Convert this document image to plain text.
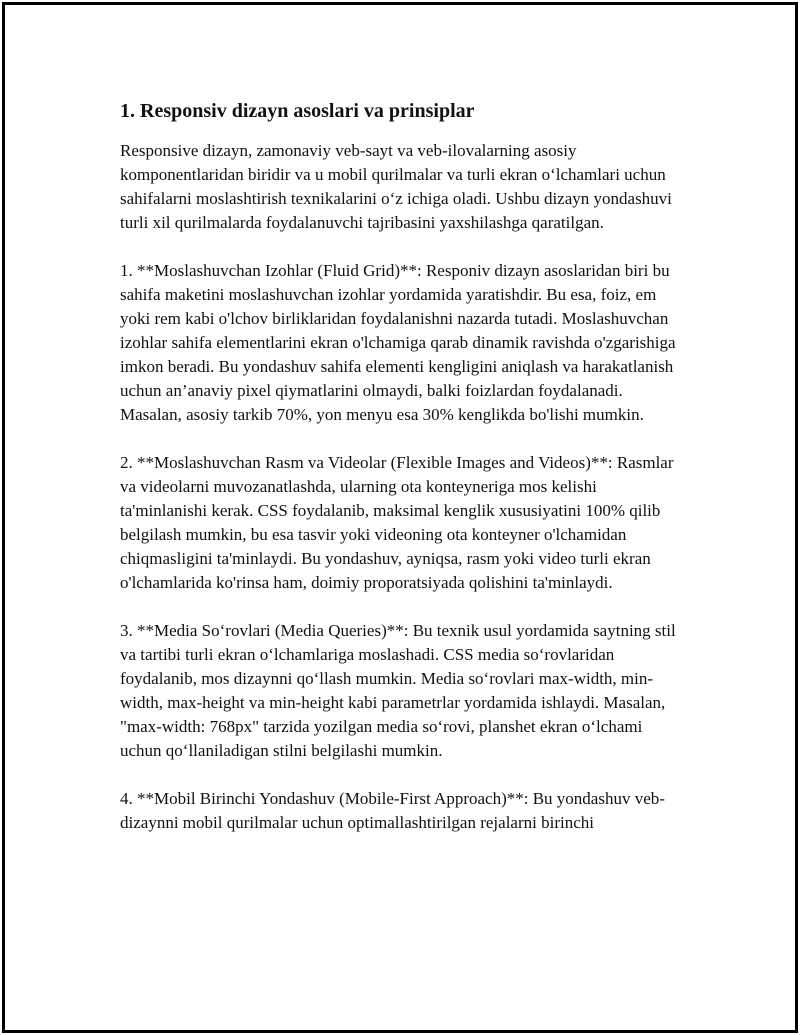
1. Responsiv dizayn asoslari va prinsiplar

Responsive dizayn, zamonaviy veb-sayt va veb-ilovalarning asosiy komponentlaridan biridir va u mobil qurilmalar va turli ekran o‘lchamlari uchun sahifalarni moslashtirish texnikalarini o‘z ichiga oladi. Ushbu dizayn yondashuvi turli xil qurilmalarda foydalanuvchi tajribasini yaxshilashga qaratilgan.

1. **Moslashuvchan Izohlar (Fluid Grid)**: Responiv dizayn asoslaridan biri bu sahifa maketini moslashuvchan izohlar yordamida yaratishdir. Bu esa, foiz, em yoki rem kabi o'lchov birliklaridan foydalanishni nazarda tutadi. Moslashuvchan izohlar sahifa elementlarini ekran o'lchamiga qarab dinamik ravishda o'zgarishiga imkon beradi. Bu yondashuv sahifa elementi kengligini aniqlash va harakatlanish uchun an’anaviy pixel qiymatlarini olmaydi, balki foizlardan foydalanadi. Masalan, asosiy tarkib 70%, yon menyu esa 30% kenglikda bo'lishi mumkin.

2. **Moslashuvchan Rasm va Videolar (Flexible Images and Videos)**: Rasmlar va videolarni muvozanatlashda, ularning ota konteyneriga mos kelishi ta'minlanishi kerak. CSS foydalanib, maksimal kenglik xususiyatini 100% qilib belgilash mumkin, bu esa tasvir yoki videoning ota konteyner o'lchamidan chiqmasligini ta'minlaydi. Bu yondashuv, ayniqsa, rasm yoki video turli ekran o'lchamlarida ko'rinsa ham, doimiy proporatsiyada qolishini ta'minlaydi.

3. **Media So‘rovlari (Media Queries)**: Bu texnik usul yordamida saytning stil va tartibi turli ekran o‘lchamlariga moslashadi. CSS media so‘rovlaridan foydalanib, mos dizaynni qo‘llash mumkin. Media so‘rovlari max-width, min-width, max-height va min-height kabi parametrlar yordamida ishlaydi. Masalan, "max-width: 768px" tarzida yozilgan media so‘rovi, planshet ekran o‘lchami uchun qo‘llaniladigan stilni belgilashi mumkin.

4. **Mobil Birinchi Yondashuv (Mobile-First Approach)**: Bu yondashuv veb-dizaynni mobil qurilmalar uchun optimallashtirilgan rejalarni birinchi
